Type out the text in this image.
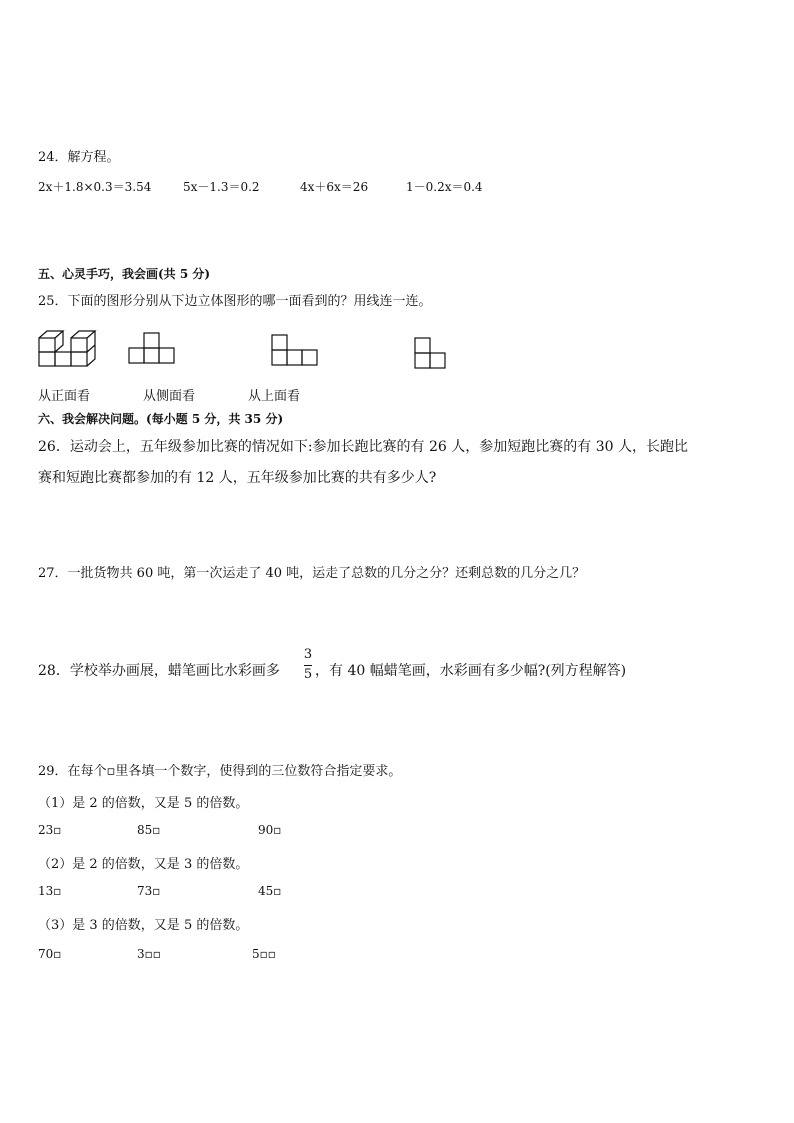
24．解方程。
2x＋1.8×0.3＝3.54	5x－1.3＝0.2	4x＋6x＝26	1－0.2x＝0.4
五、心灵手巧，我会画(共 5 分)
25．下面的图形分别从下边立体图形的哪一面看到的？用线连一连。
从正面看	从侧面看	从上面看
六、我会解决问题。(每小题 5 分，共 35 分)
26．运动会上，五年级参加比赛的情况如下:参加长跑比赛的有 26 人，参加短跑比赛的有 30 人，长跑比
赛和短跑比赛都参加的有 12 人，五年级参加比赛的共有多少人?
27．一批货物共 60 吨，第一次运走了 40 吨，运走了总数的几分之分？还剩总数的几分之几？
28．学校举办画展，蜡笔画比水彩画多
3
5 ，有 40 幅蜡笔画，水彩画有多少幅?(列方程解答)
29．在每个▫里各填一个数字，使得到的三位数符合指定要求。
（1）是 2 的倍数，又是 5 的倍数。
23▫	85▫	90▫
（2）是 2 的倍数，又是 3 的倍数。
13▫	73▫	45▫
（3）是 3 的倍数，又是 5 的倍数。
70▫	3▫▫	5▫▫
